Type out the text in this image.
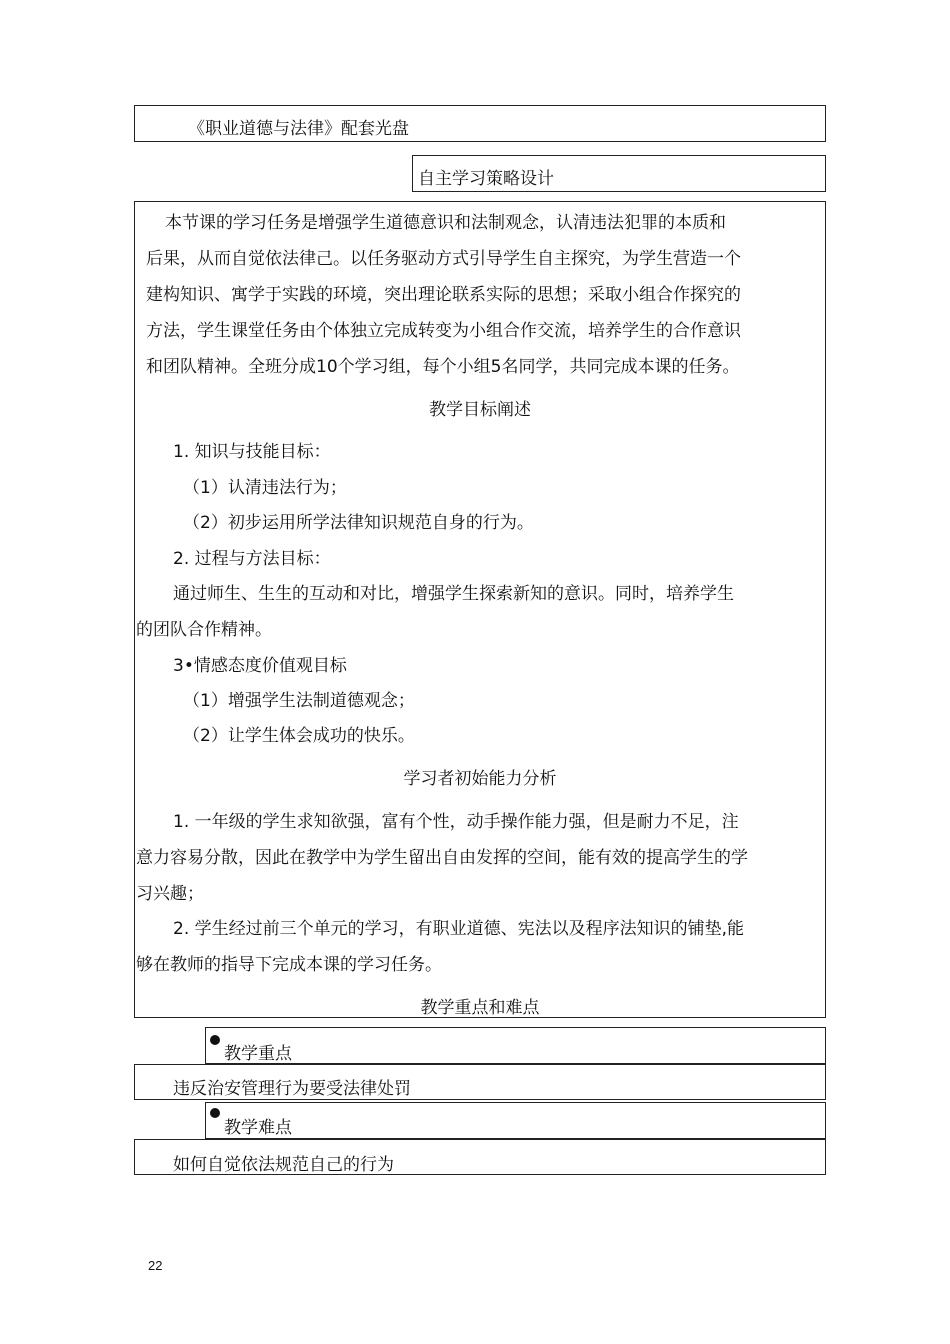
《职业道德与法律》配套光盘
自主学习策略设计
本节课的学习任务是增强学生道德意识和法制观念，认清违法犯罪的本质和
后果，从而自觉依法律己。以任务驱动方式引导学生自主探究，为学生营造一个
建构知识、寓学于实践的环境，突出理论联系实际的思想；采取小组合作探究的
方法，学生课堂任务由个体独立完成转变为小组合作交流，培养学生的合作意识
和团队精神。全班分成10个学习组，每个小组5名同学，共同完成本课的任务。
教学目标阐述
1. 知识与技能目标：
（1）认清违法行为；
（2）初步运用所学法律知识规范自身的行为。
2. 过程与方法目标：
通过师生、生生的互动和对比，增强学生探索新知的意识。同时，培养学生
的团队合作精神。
3•情感态度价值观目标
（1）增强学生法制道德观念；
（2）让学生体会成功的快乐。
学习者初始能力分析
1. 一年级的学生求知欲强，富有个性，动手操作能力强，但是耐力不足，注
意力容易分散，因此在教学中为学生留出自由发挥的空间，能有效的提高学生的学
习兴趣；
2. 学生经过前三个单元的学习，有职业道德、宪法以及程序法知识的铺垫,能
够在教师的指导下完成本课的学习任务。
教学重点和难点
教学重点
违反治安管理行为要受法律处罚
教学难点
如何自觉依法规范自己的行为
22
